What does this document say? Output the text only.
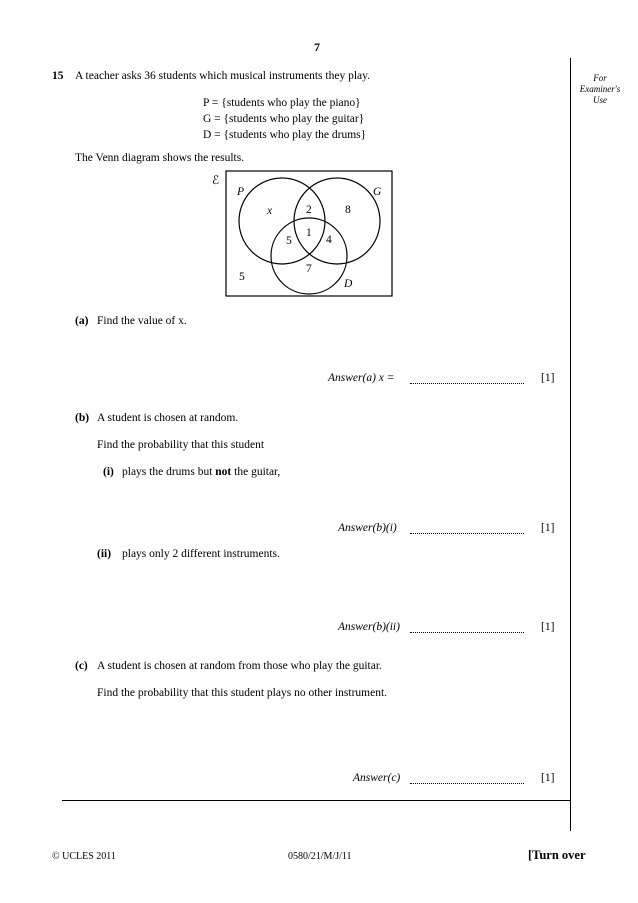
7
For
Examiner's
Use
15 A teacher asks 36 students which musical instruments they play.
P = {students who play the piano}
G = {students who play the guitar}
D = {students who play the drums}
The Venn diagram shows the results.
ℰ
P	G
D
x	2	8
1
5	4
7
5
(a) Find the value of x.
Answer(a) x =	[1]
(b) A student is chosen at random.
Find the probability that this student
(i) plays the drums but not the guitar,
Answer(b)(i)	[1]
(ii) plays only 2 different instruments.
Answer(b)(ii)	[1]
(c) A student is chosen at random from those who play the guitar.
Find the probability that this student plays no other instrument.
Answer(c)	[1]
© UCLES 2011	0580/21/M/J/11	[Turn over
